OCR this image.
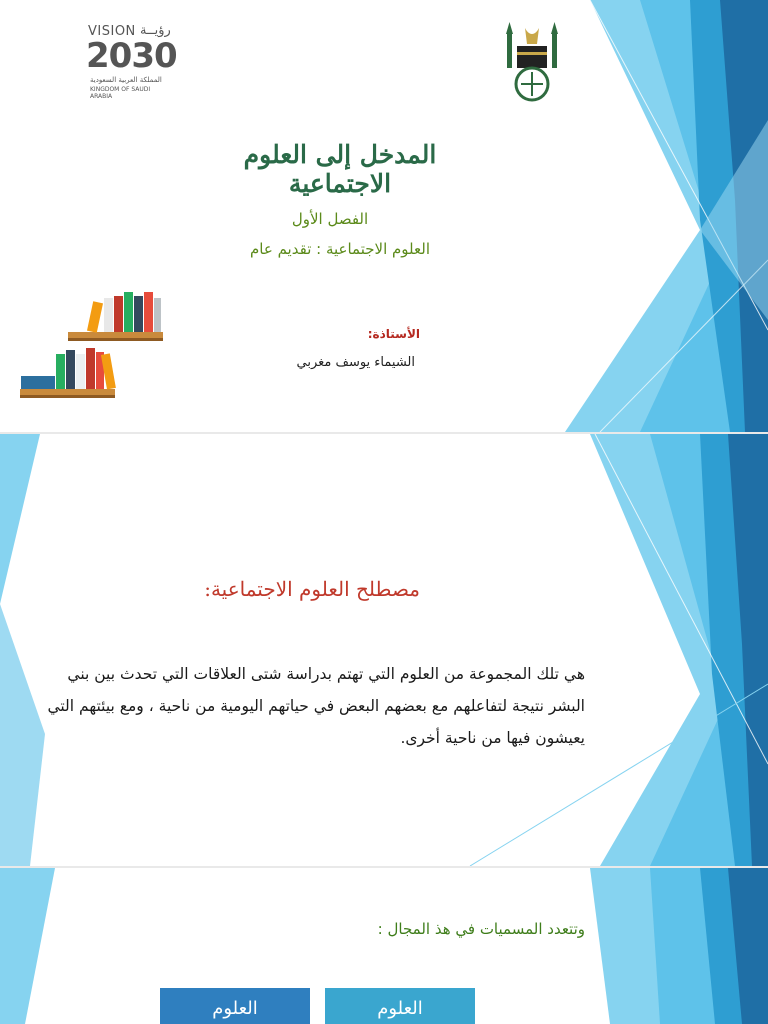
VISION رؤيــة
2030
المملكة العربية السعودية
KINGDOM OF SAUDI ARABIA
المدخل إلى العلوم الاجتماعية
الفصل الأول
العلوم الاجتماعية : تقديم عام
الأستاذة:
الشيماء يوسف مغربي
مصطلح العلوم الاجتماعية:
هي تلك المجموعة من العلوم التي تهتم بدراسة شتى العلاقات التي تحدث بين بني البشر نتيجة لتفاعلهم مع بعضهم البعض في حياتهم اليومية من ناحية ، ومع بيئتهم التي يعيشون فيها من ناحية أخرى.
وتتعدد المسميات في هذ المجال :
العلوم
العلوم
